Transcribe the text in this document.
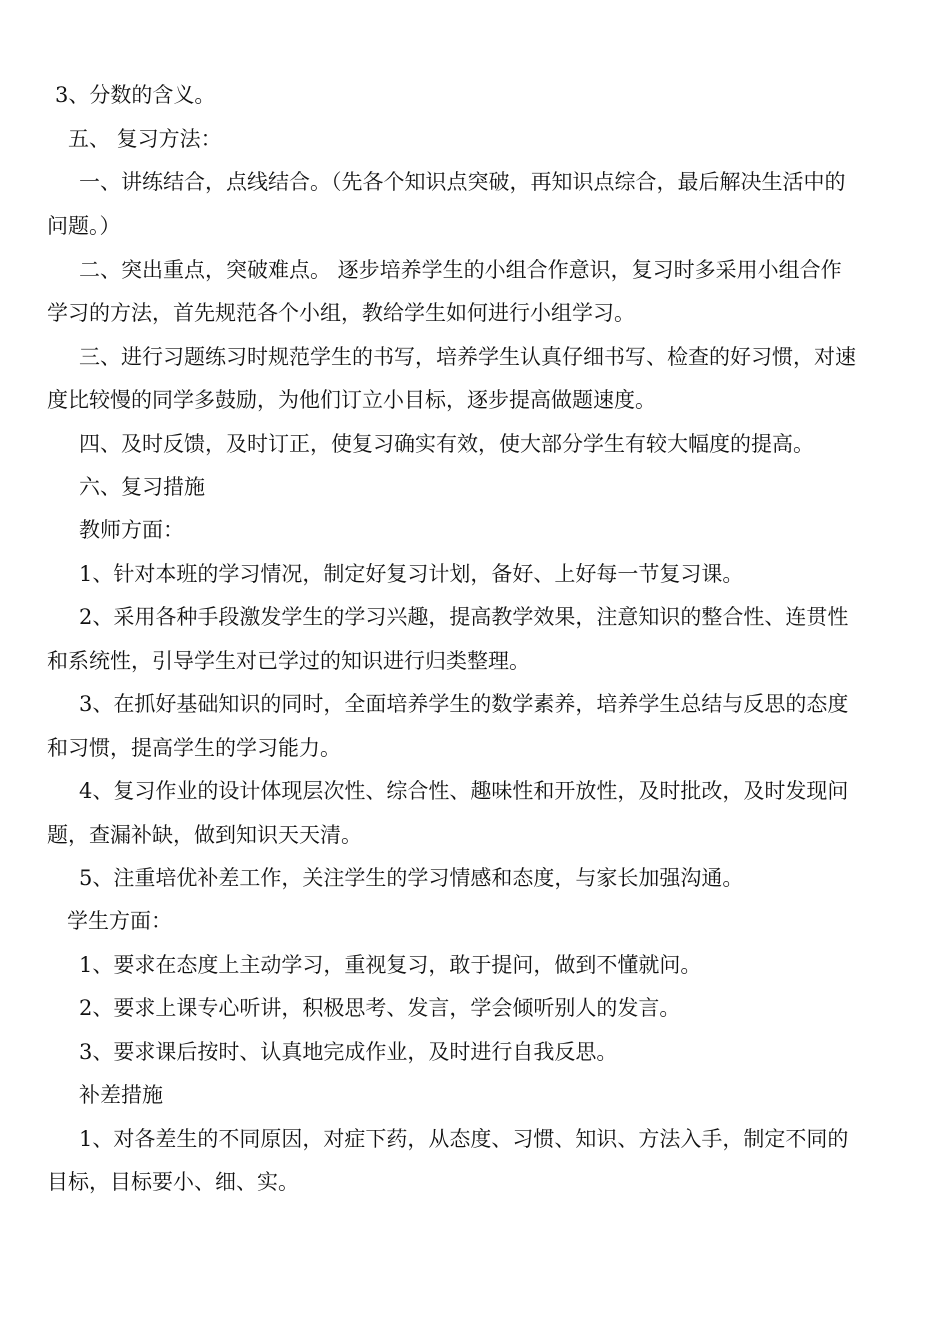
3、分数的含义。
五、 复习方法：
一、讲练结合，点线结合。（先各个知识点突破，再知识点综合，最后解决生活中的
问题。）
二、突出重点，突破难点。 逐步培养学生的小组合作意识，复习时多采用小组合作
学习的方法，首先规范各个小组，教给学生如何进行小组学习。
三、进行习题练习时规范学生的书写，培养学生认真仔细书写、检查的好习惯，对速
度比较慢的同学多鼓励，为他们订立小目标，逐步提高做题速度。
四、及时反馈，及时订正，使复习确实有效，使大部分学生有较大幅度的提高。
六、复习措施
教师方面：
1、针对本班的学习情况，制定好复习计划，备好、上好每一节复习课。
2、采用各种手段激发学生的学习兴趣，提高教学效果，注意知识的整合性、连贯性
和系统性，引导学生对已学过的知识进行归类整理。
3、在抓好基础知识的同时，全面培养学生的数学素养，培养学生总结与反思的态度
和习惯，提高学生的学习能力。
4、复习作业的设计体现层次性、综合性、趣味性和开放性，及时批改，及时发现问
题，查漏补缺，做到知识天天清。
5、注重培优补差工作，关注学生的学习情感和态度，与家长加强沟通。
学生方面：
1、要求在态度上主动学习，重视复习，敢于提问，做到不懂就问。
2、要求上课专心听讲，积极思考、发言，学会倾听别人的发言。
3、要求课后按时、认真地完成作业，及时进行自我反思。
补差措施
1、对各差生的不同原因，对症下药，从态度、习惯、知识、方法入手，制定不同的
目标，目标要小、细、实。
